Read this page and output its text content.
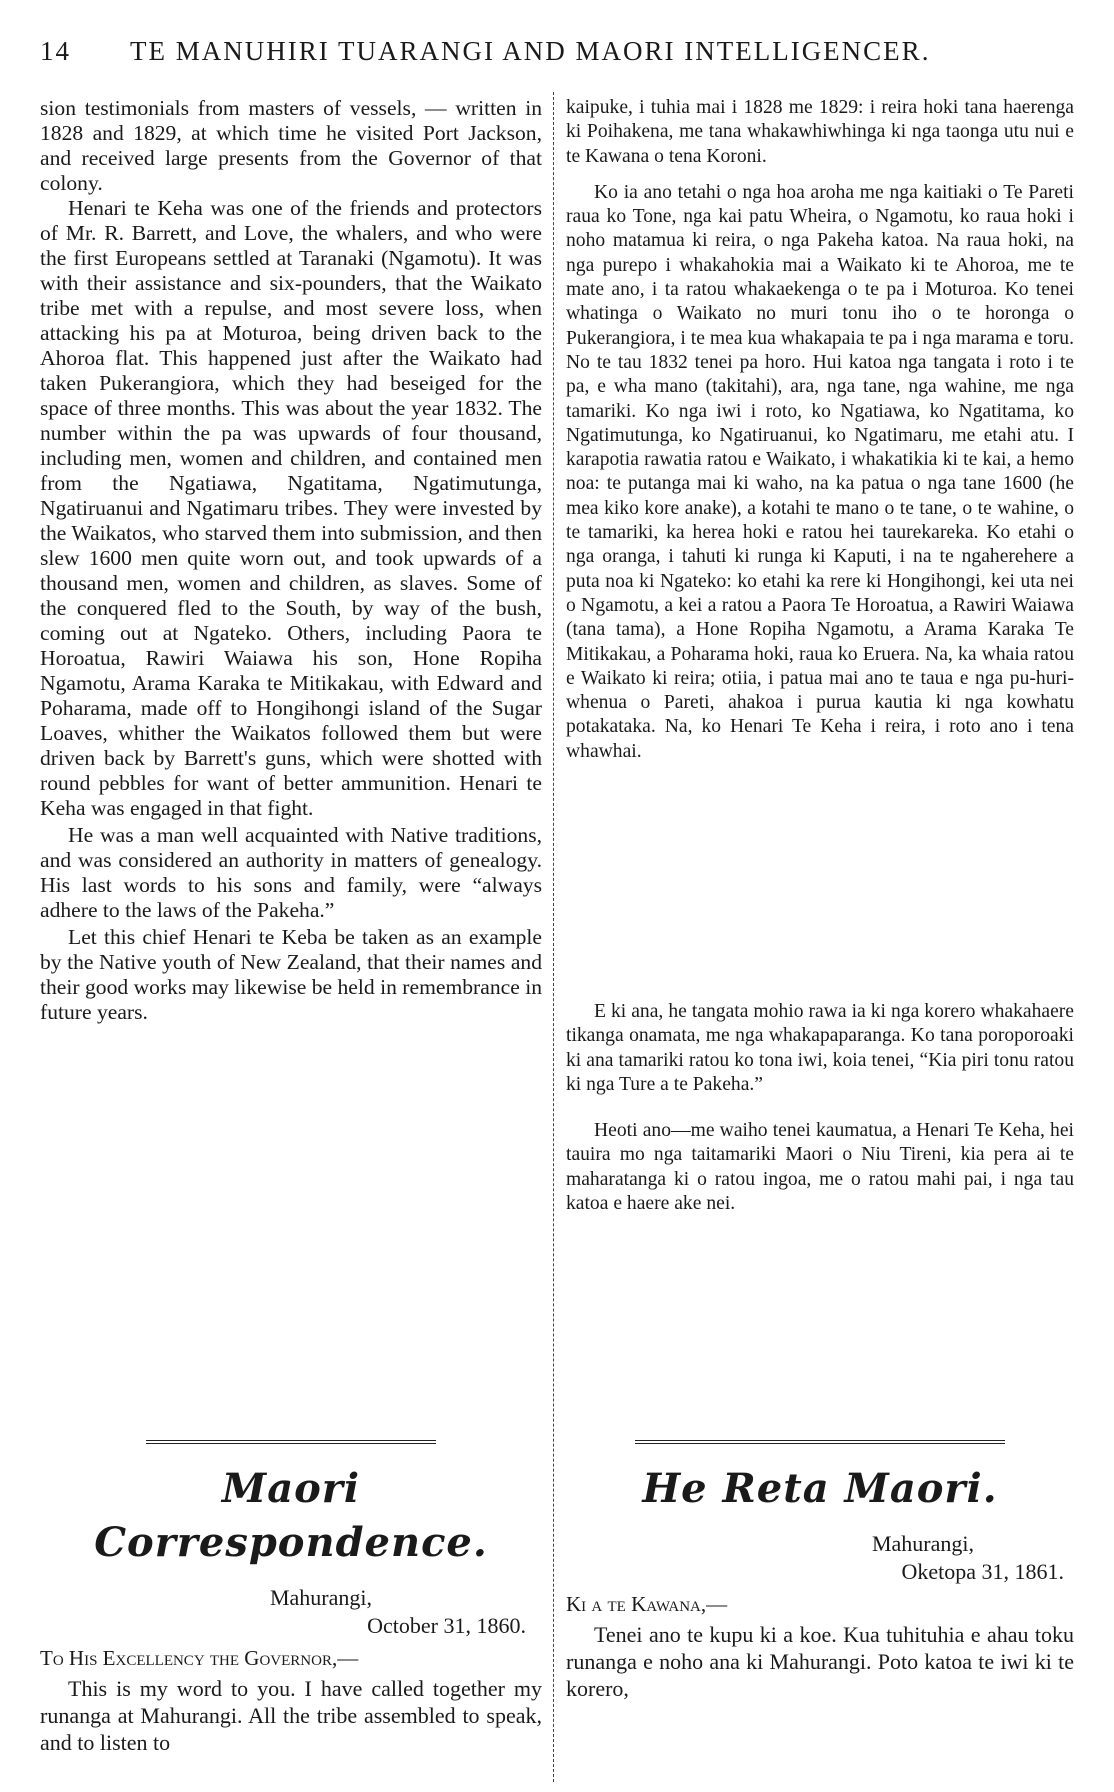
14 TE MANUHIRI TUARANGI AND MAORI INTELLIGENCER.

sion testimonials from masters of vessels, — written in 1828 and 1829, at which time he visited Port Jackson, and received large presents from the Governor of that colony.

Henari te Keha was one of the friends and protectors of Mr. R. Barrett, and Love, the whalers, and who were the first Europeans settled at Taranaki (Ngamotu). It was with their assistance and six-pounders, that the Waikato tribe met with a repulse, and most severe loss, when attacking his pa at Moturoa, being driven back to the Ahoroa flat. This happened just after the Waikato had taken Pukerangiora, which they had beseiged for the space of three months. This was about the year 1832. The number within the pa was upwards of four thousand, including men, women and children, and contained men from the Ngatiawa, Ngatitama, Ngatimutunga, Ngatiruanui and Ngatimaru tribes. They were invested by the Waikatos, who starved them into submission, and then slew 1600 men quite worn out, and took upwards of a thousand men, women and children, as slaves. Some of the conquered fled to the South, by way of the bush, coming out at Ngateko. Others, including Paora te Horoatua, Rawiri Waiawa his son, Hone Ropiha Ngamotu, Arama Karaka te Mitikakau, with Edward and Poharama, made off to Hongihongi island of the Sugar Loaves, whither the Waikatos followed them but were driven back by Barrett's guns, which were shotted with round pebbles for want of better ammunition. Henari te Keha was engaged in that fight.

He was a man well acquainted with Native traditions, and was considered an authority in matters of genealogy. His last words to his sons and family, were “always adhere to the laws of the Pakeha.”

Let this chief Henari te Keba be taken as an example by the Native youth of New Zealand, that their names and their good works may likewise be held in remembrance in future years.

kaipuke, i tuhia mai i 1828 me 1829: i reira hoki tana haerenga ki Poihakena, me tana whakawhiwhinga ki nga taonga utu nui e te Kawana o tena Koroni.

Ko ia ano tetahi o nga hoa aroha me nga kaitiaki o Te Pareti raua ko Tone, nga kai patu Wheira, o Ngamotu, ko raua hoki i noho matamua ki reira, o nga Pakeha katoa. Na raua hoki, na nga purepo i whakahokia mai a Waikato ki te Ahoroa, me te mate ano, i ta ratou whakaekenga o te pa i Moturoa. Ko tenei whatinga o Waikato no muri tonu iho o te horonga o Pukerangiora, i te mea kua whakapaia te pa i nga marama e toru. No te tau 1832 tenei pa horo. Hui katoa nga tangata i roto i te pa, e wha mano (takitahi), ara, nga tane, nga wahine, me nga tamariki. Ko nga iwi i roto, ko Ngatiawa, ko Ngatitama, ko Ngatimutunga, ko Ngatiruanui, ko Ngatimaru, me etahi atu. I karapotia rawatia ratou e Waikato, i whakatikia ki te kai, a hemo noa: te putanga mai ki waho, na ka patua o nga tane 1600 (he mea kiko kore anake), a kotahi te mano o te tane, o te wahine, o te tamariki, ka herea hoki e ratou hei taurekareka. Ko etahi o nga oranga, i tahuti ki runga ki Kaputi, i na te ngaherehere a puta noa ki Ngateko: ko etahi ka rere ki Hongihongi, kei uta nei o Ngamotu, a kei a ratou a Paora Te Horoatua, a Rawiri Waiawa (tana tama), a Hone Ropiha Ngamotu, a Arama Karaka Te Mitikakau, a Poharama hoki, raua ko Eruera. Na, ka whaia ratou e Waikato ki reira; otiia, i patua mai ano te taua e nga pu-huri-whenua o Pareti, ahakoa i purua kautia ki nga kowhatu potakataka. Na, ko Henari Te Keha i reira, i roto ano i tena whawhai.

E ki ana, he tangata mohio rawa ia ki nga korero whakahaere tikanga onamata, me nga whakapaparanga. Ko tana poroporoaki ki ana tamariki ratou ko tona iwi, koia tenei, “Kia piri tonu ratou ki nga Ture a te Pakeha.”

Heoti ano—me waiho tenei kaumatua, a Henari Te Keha, hei tauira mo nga taitamariki Maori o Niu Tireni, kia pera ai te maharatanga ki o ratou ingoa, me o ratou mahi pai, i nga tau katoa e haere ake nei.

Maori Correspondence.
Mahurangi,
October 31, 1860.
To His Excellency the Governor,—

This is my word to you. I have called together my runanga at Mahurangi. All the tribe assembled to speak, and to listen to

He Reta Maori.
Mahurangi,
Oketopa 31, 1861.
Ki a te Kawana,—

Tenei ano te kupu ki a koe. Kua tuhituhia e ahau toku runanga e noho ana ki Mahurangi. Poto katoa te iwi ki te korero,
